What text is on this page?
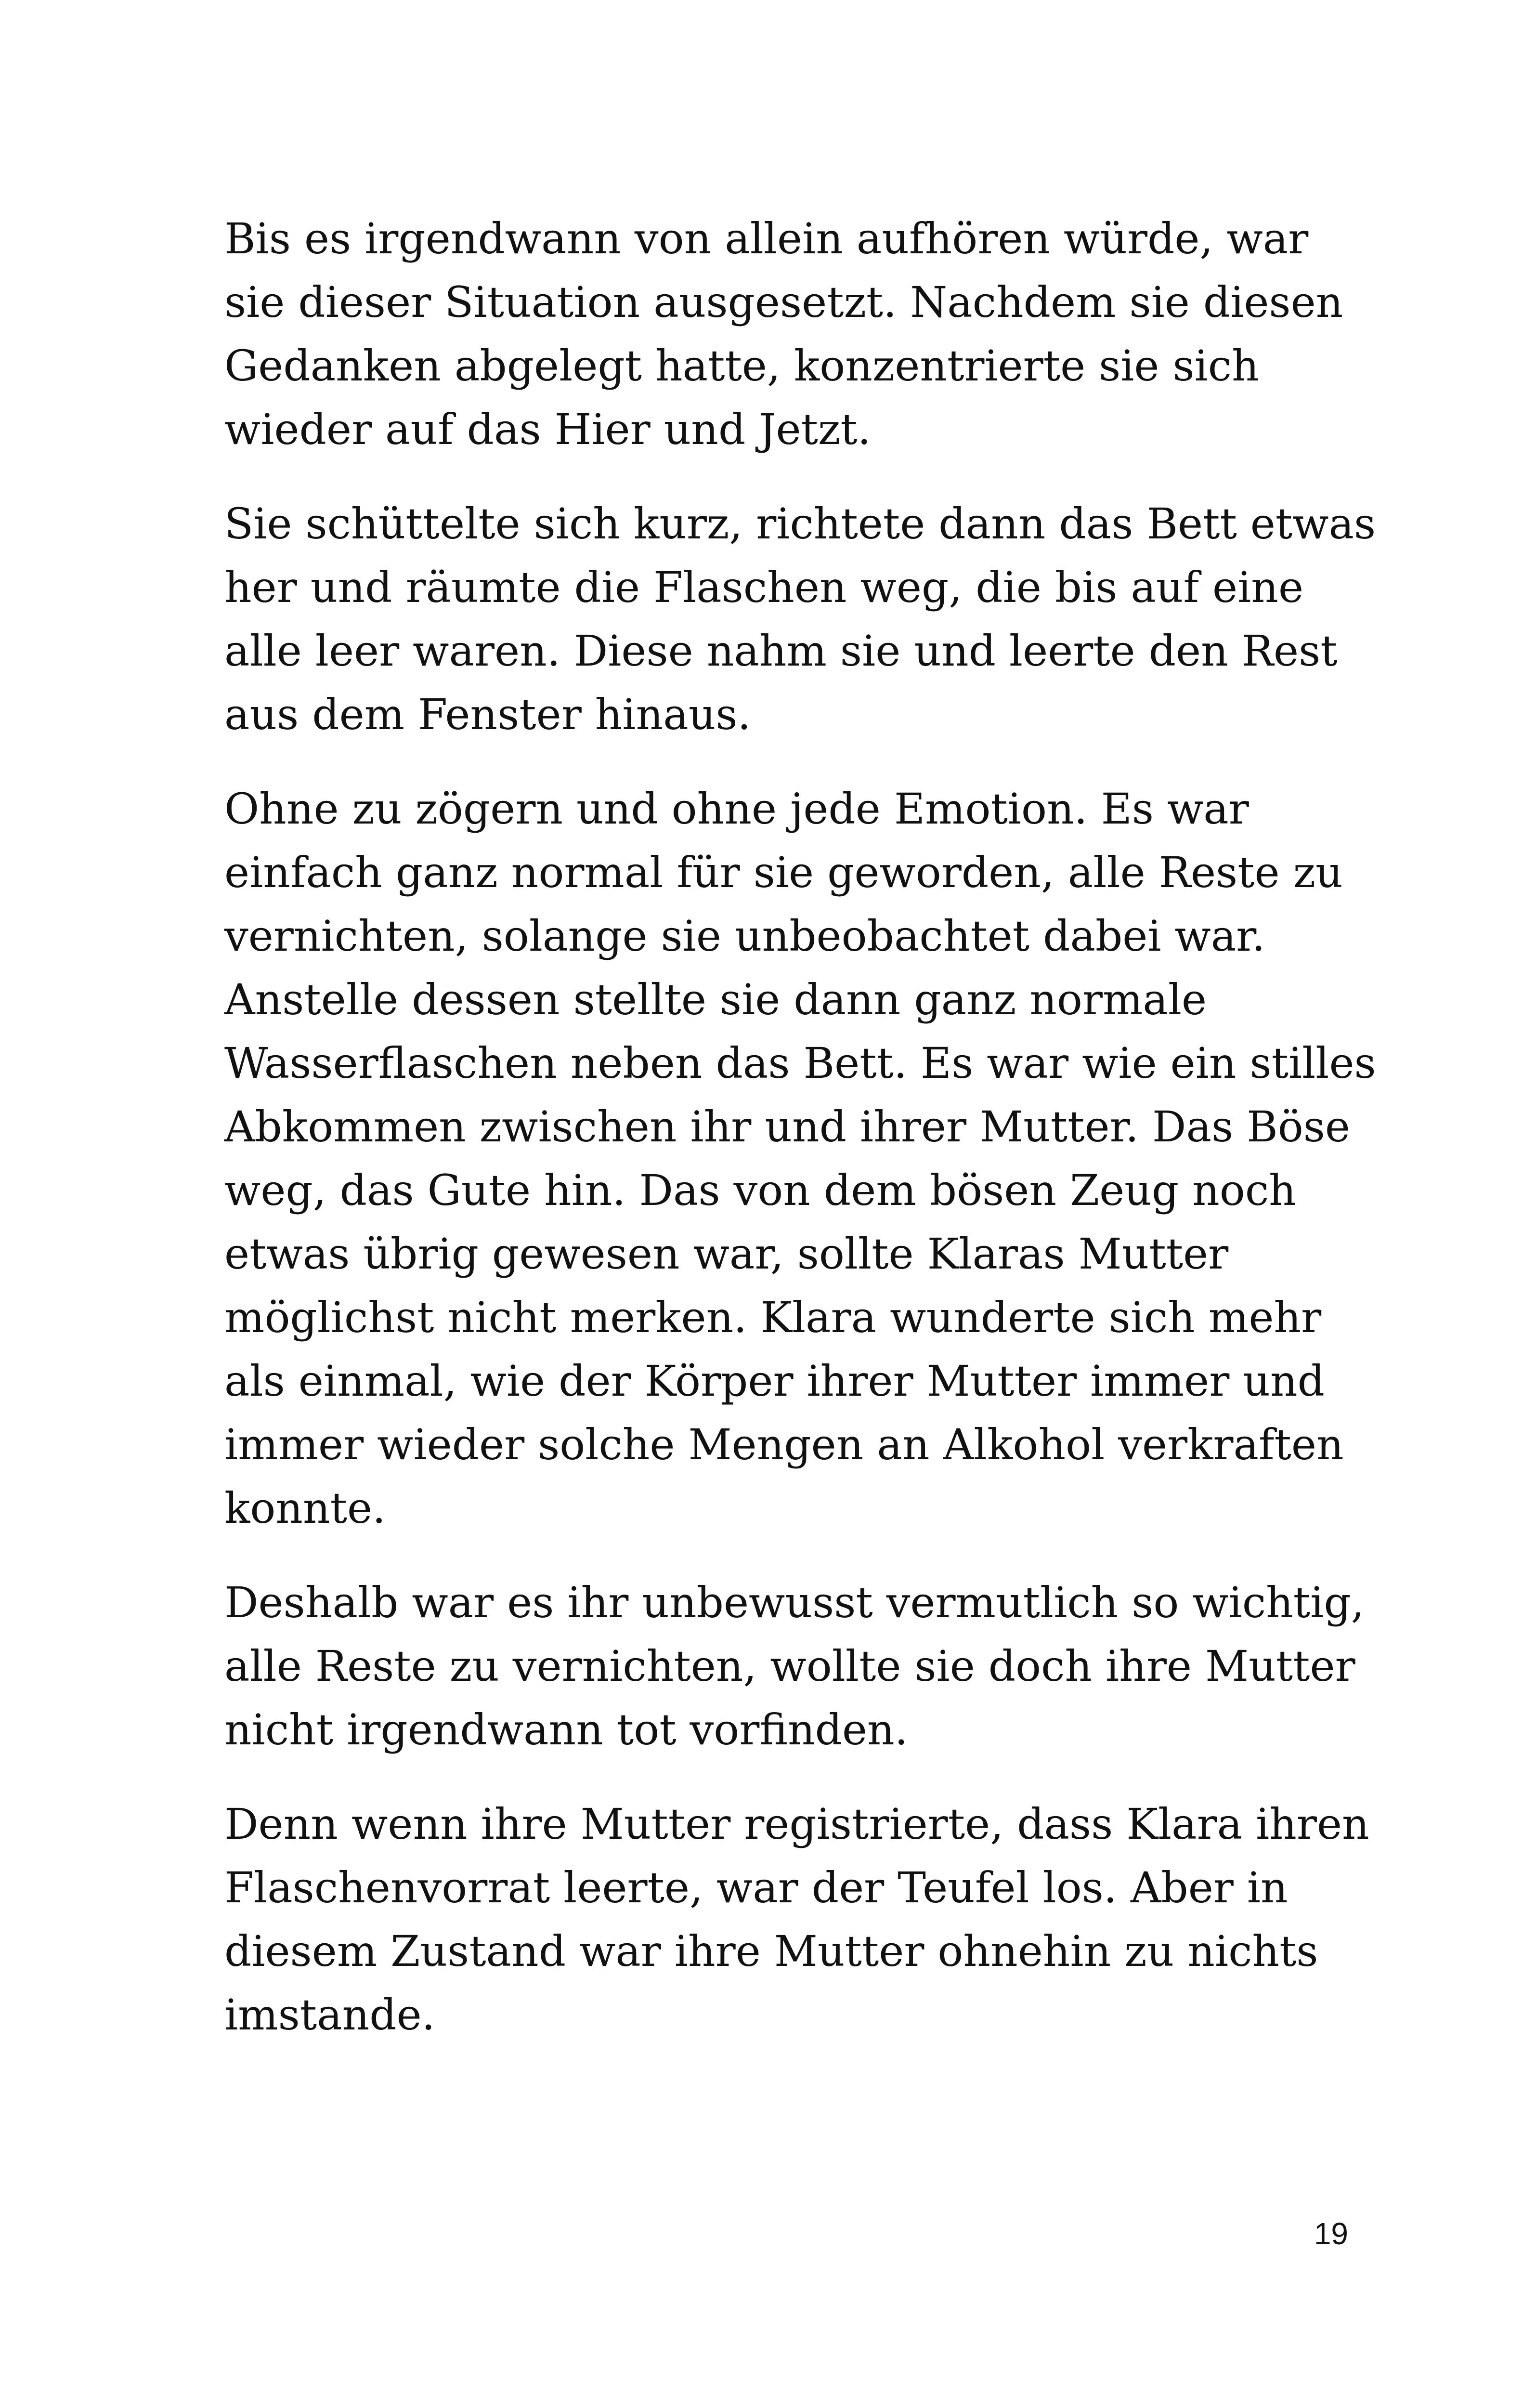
Bis es irgendwann von allein aufhören würde, war
sie dieser Situation ausgesetzt. Nachdem sie diesen
Gedanken abgelegt hatte, konzentrierte sie sich
wieder auf das Hier und Jetzt.

Sie schüttelte sich kurz, richtete dann das Bett etwas
her und räumte die Flaschen weg, die bis auf eine
alle leer waren. Diese nahm sie und leerte den Rest
aus dem Fenster hinaus.

Ohne zu zögern und ohne jede Emotion. Es war
einfach ganz normal für sie geworden, alle Reste zu
vernichten, solange sie unbeobachtet dabei war.
Anstelle dessen stellte sie dann ganz normale
Wasserflaschen neben das Bett. Es war wie ein stilles
Abkommen zwischen ihr und ihrer Mutter. Das Böse
weg, das Gute hin. Das von dem bösen Zeug noch
etwas übrig gewesen war, sollte Klaras Mutter
möglichst nicht merken. Klara wunderte sich mehr
als einmal, wie der Körper ihrer Mutter immer und
immer wieder solche Mengen an Alkohol verkraften
konnte.

Deshalb war es ihr unbewusst vermutlich so wichtig,
alle Reste zu vernichten, wollte sie doch ihre Mutter
nicht irgendwann tot vorfinden.

Denn wenn ihre Mutter registrierte, dass Klara ihren
Flaschenvorrat leerte, war der Teufel los. Aber in
diesem Zustand war ihre Mutter ohnehin zu nichts
imstande.

19
